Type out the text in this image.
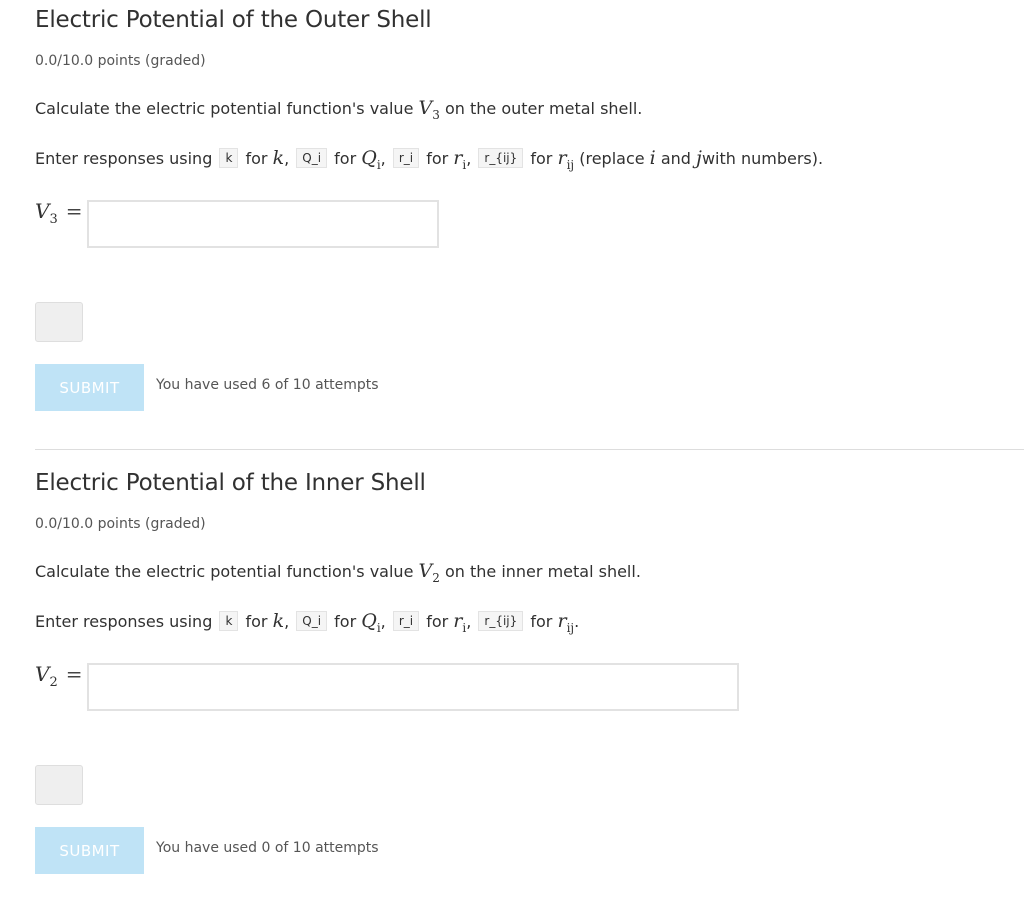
Electric Potential of the Outer Shell
0.0/10.0 points (graded)
Calculate the electric potential function's value $V_3$ on the outer metal shell.
Enter responses using k for k, Q_i for $Q_i$, r_i for $r_i$, r_{ij} for $r_{ij}$ (replace i and jwith numbers).
$V_3$ =
SUBMIT	You have used 6 of 10 attempts
Electric Potential of the Inner Shell
0.0/10.0 points (graded)
Calculate the electric potential function's value $V_2$ on the inner metal shell.
Enter responses using k for k, Q_i for $Q_i$, r_i for $r_i$, r_{ij} for $r_{ij}$.
$V_2$ =
SUBMIT	You have used 0 of 10 attempts
